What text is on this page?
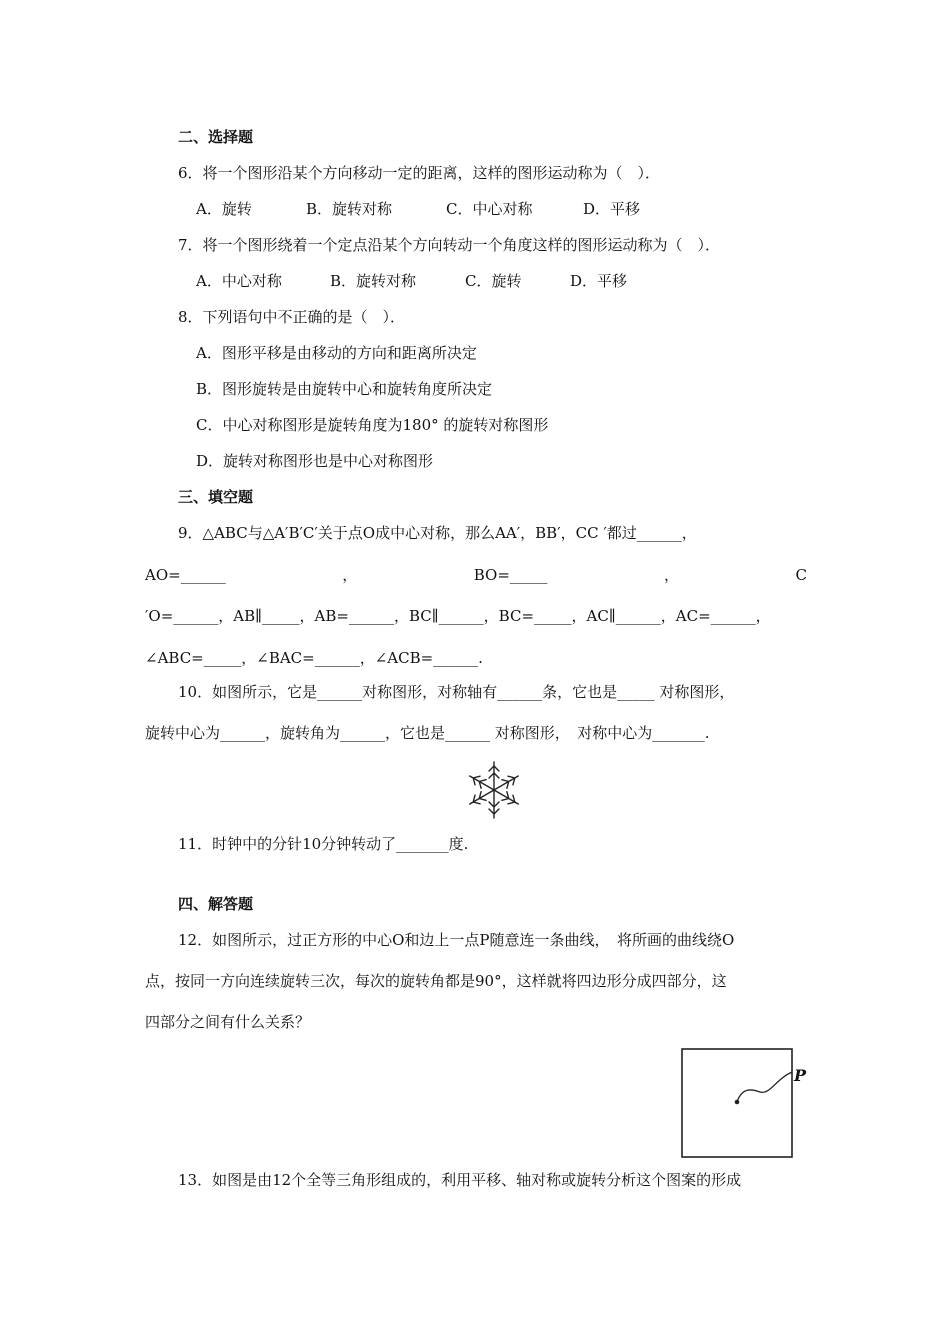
二、选择题
6．将一个图形沿某个方向移动一定的距离，这样的图形运动称为（　）．
A．旋转	B．旋转对称	C．中心对称	D．平移
7．将一个图形绕着一个定点沿某个方向转动一个角度这样的图形运动称为（　）．
A．中心对称	B．旋转对称	C．旋转	D．平移
8．下列语句中不正确的是（　）．
A．图形平移是由移动的方向和距离所决定
B．图形旋转是由旋转中心和旋转角度所决定
C．中心对称图形是旋转角度为180° 的旋转对称图形
D．旋转对称图形也是中心对称图形
三、填空题
9．△ABC与△A′B′C′关于点O成中心对称，那么AA′，BB′，CC ′都过______，
AO=______	，	BO=_____	，	C
′O=______，AB∥_____，AB=______，BC∥______，BC=_____，AC∥______，AC=______，
∠ABC=_____，∠BAC=______，∠ACB=______.
10．如图所示，它是______对称图形，对称轴有______条，它也是_____ 对称图形，
旋转中心为______，旋转角为______，它也是______ 对称图形，　对称中心为_______.
11．时钟中的分针10分钟转动了_______度.
四、解答题
12．如图所示，过正方形的中心O和边上一点P随意连一条曲线，　将所画的曲线绕O
点，按同一方向连续旋转三次，每次的旋转角都是90°，这样就将四边形分成四部分，这
四部分之间有什么关系？
P
13．如图是由12个全等三角形组成的，利用平移、轴对称或旋转分析这个图案的形成
